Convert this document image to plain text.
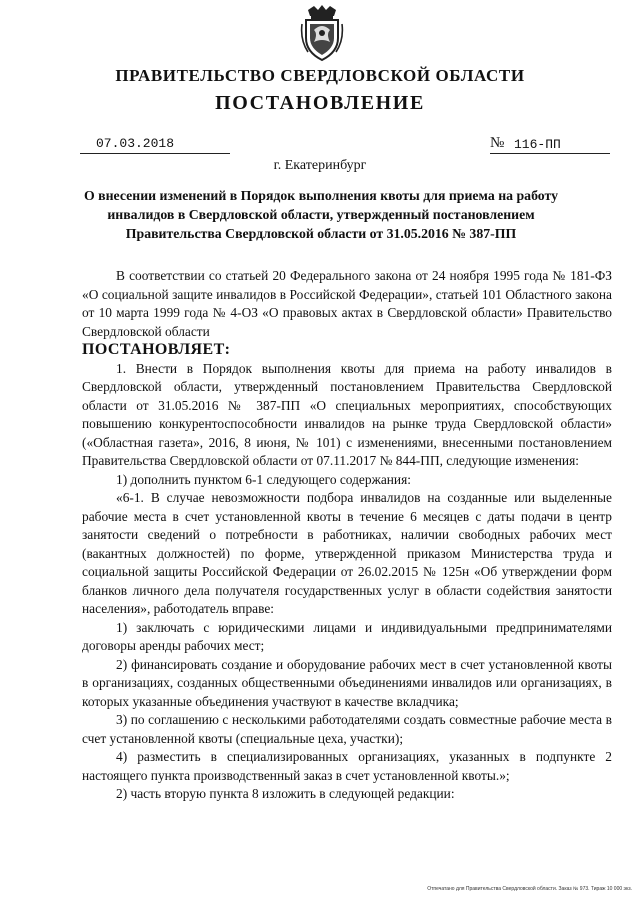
ПРАВИТЕЛЬСТВО СВЕРДЛОВСКОЙ ОБЛАСТИ
ПОСТАНОВЛЕНИЕ
07.03.2018	№ 116-ПП
г. Екатеринбург
О внесении изменений в Порядок выполнения квоты для приема на работу инвалидов в Свердловской области, утвержденный постановлением Правительства Свердловской области от 31.05.2016 № 387-ПП

В соответствии со статьей 20 Федерального закона от 24 ноября 1995 года № 181-ФЗ «О социальной защите инвалидов в Российской Федерации», статьей 101 Областного закона от 10 марта 1999 года № 4-ОЗ «О правовых актах в Свердловской области» Правительство Свердловской области

ПОСТАНОВЛЯЕТ:

1. Внести в Порядок выполнения квоты для приема на работу инвалидов в Свердловской области, утвержденный постановлением Правительства Свердловской области от 31.05.2016 № 387-ПП «О специальных мероприятиях, способствующих повышению конкурентоспособности инвалидов на рынке труда Свердловской области» («Областная газета», 2016, 8 июня, № 101) с изменениями, внесенными постановлением Правительства Свердловской области от 07.11.2017 № 844-ПП, следующие изменения:

1) дополнить пунктом 6-1 следующего содержания:

«6-1. В случае невозможности подбора инвалидов на созданные или выделенные рабочие места в счет установленной квоты в течение 6 месяцев с даты подачи в центр занятости сведений о потребности в работниках, наличии свободных рабочих мест (вакантных должностей) по форме, утвержденной приказом Министерства труда и социальной защиты Российской Федерации от 26.02.2015 № 125н «Об утверждении форм бланков личного дела получателя государственных услуг в области содействия занятости населения», работодатель вправе:

1) заключать с юридическими лицами и индивидуальными предпринимателями договоры аренды рабочих мест;

2) финансировать создание и оборудование рабочих мест в счет установленной квоты в организациях, созданных общественными объединениями инвалидов или организациях, в которых указанные объединения участвуют в качестве вкладчика;

3) по соглашению с несколькими работодателями создать совместные рабочие места в счет установленной квоты (специальные цеха, участки);

4) разместить в специализированных организациях, указанных в подпункте 2 настоящего пункта производственный заказ в счет установленной квоты.»;

2) часть вторую пункта 8 изложить в следующей редакции:

Отпечатано для Правительства Свердловской области. Заказ № 973. Тираж 10 000 экз.
